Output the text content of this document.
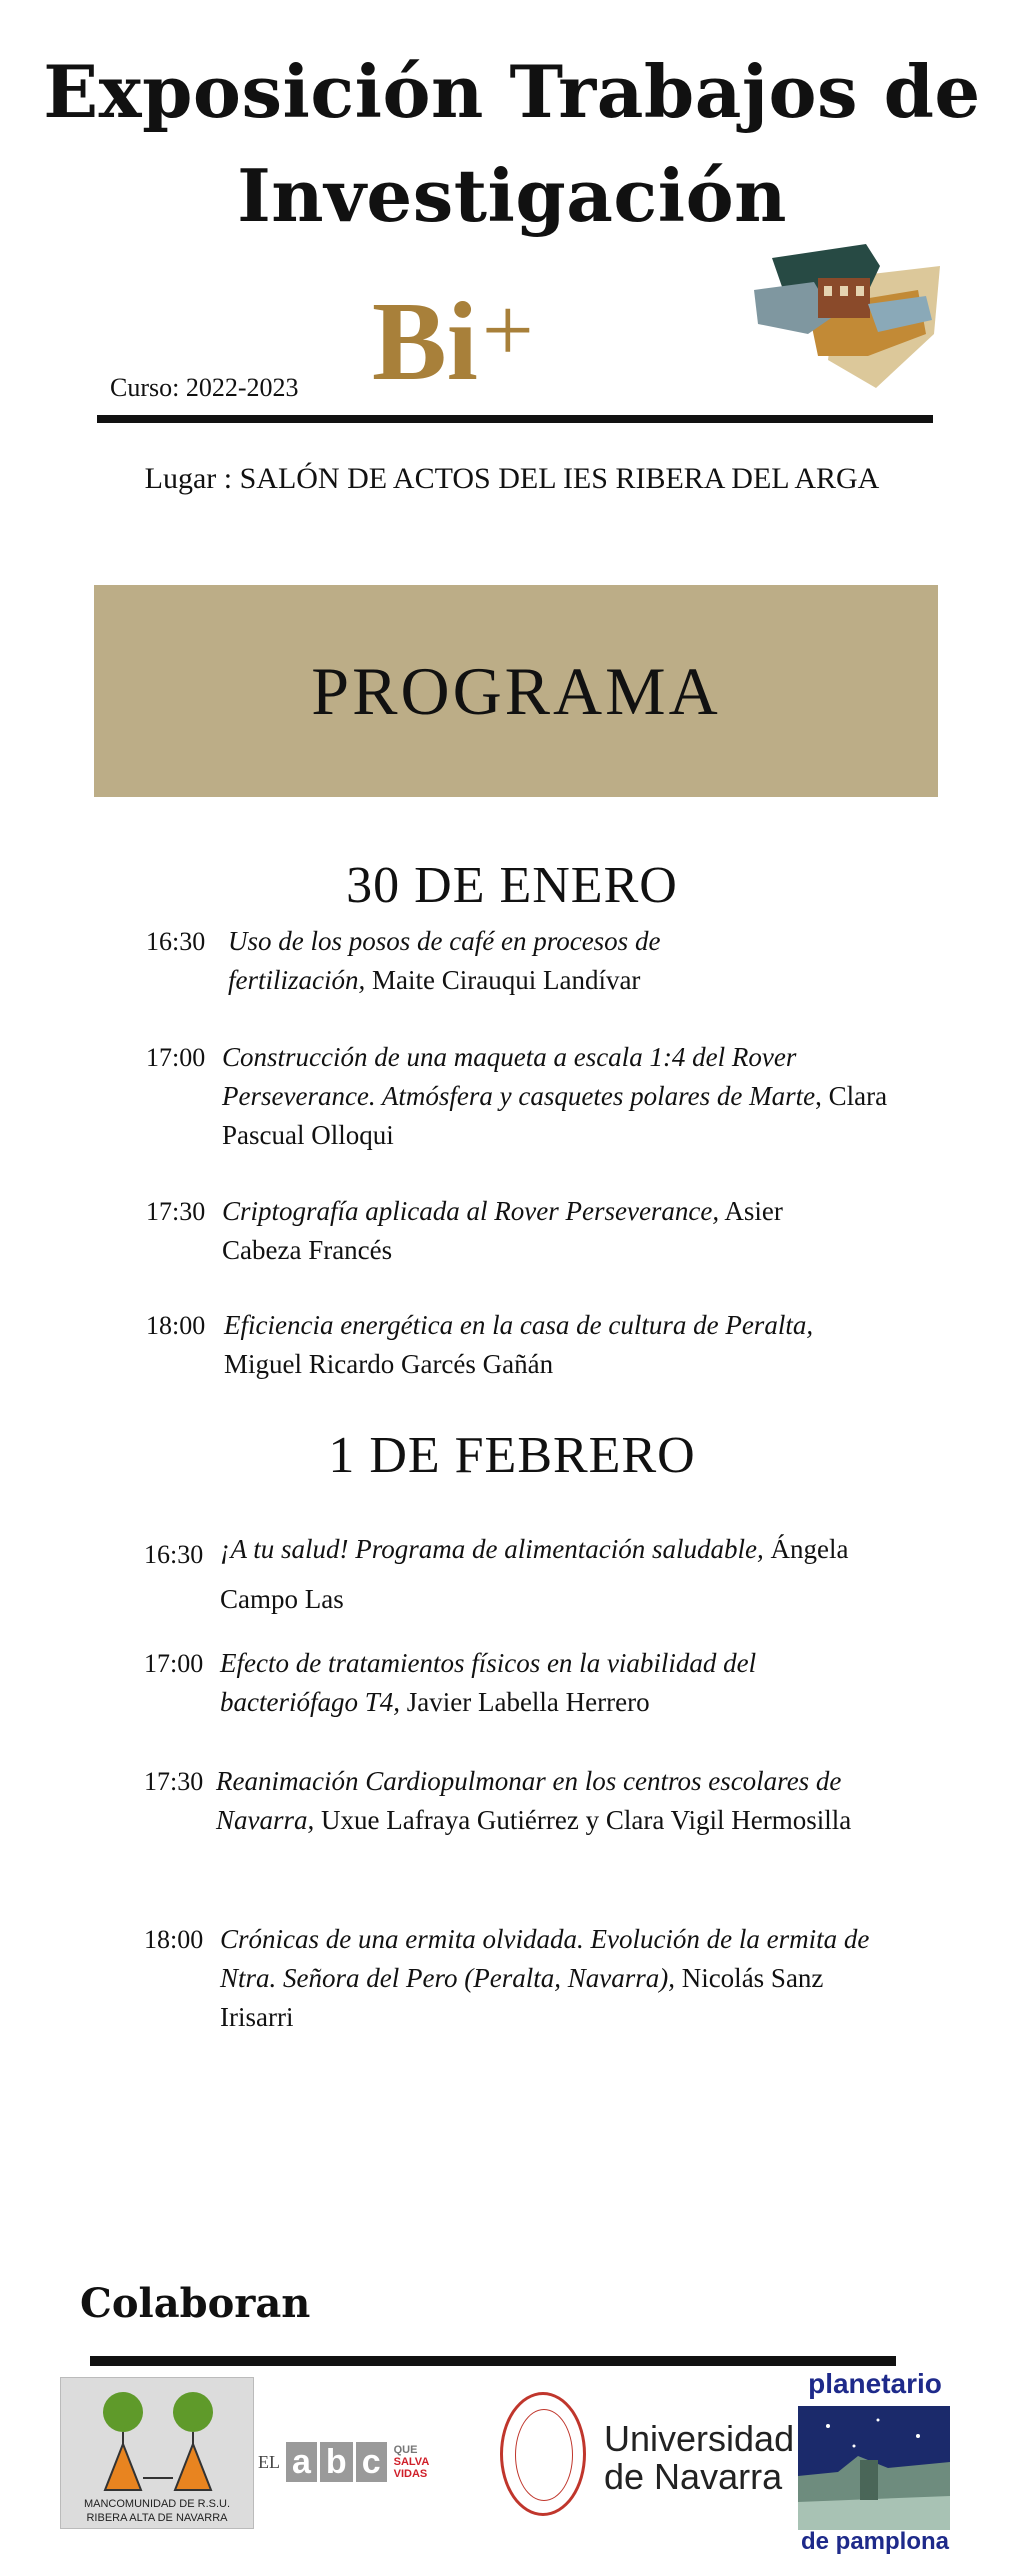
Exposición Trabajos de
Investigación
Bi+
Curso: 2022-2023
Lugar : SALÓN DE ACTOS DEL IES RIBERA DEL ARGA
PROGRAMA
30 DE ENERO
16:30 Uso de los posos de café en procesos de fertilización, Maite Cirauqui Landívar
17:00 Construcción de una maqueta a escala 1:4 del Rover Perseverance. Atmósfera y casquetes polares de Marte, Clara Pascual Olloqui
17:30 Criptografía aplicada al Rover Perseverance, Asier Cabeza Francés
18:00 Eficiencia energética en la casa de cultura de Peralta, Miguel Ricardo Garcés Gañán
1 DE FEBRERO
16:30 ¡A tu salud! Programa de alimentación saludable, Ángela Campo Las
17:00 Efecto de tratamientos físicos en la viabilidad del bacteriófago T4, Javier Labella Herrero
17:30 Reanimación Cardiopulmonar en los centros escolares de Navarra, Uxue Lafraya Gutiérrez y Clara Vigil Hermosilla
18:00 Crónicas de una ermita olvidada. Evolución de la ermita de Ntra. Señora del Pero (Peralta, Navarra), Nicolás Sanz Irisarri
Colaboran
MANCOMUNIDAD DE R.S.U.
RIBERA ALTA DE NAVARRA
EL a b c	QUE
SALVA
VIDAS
Universidad
de Navarra
planetario
de pamplona
